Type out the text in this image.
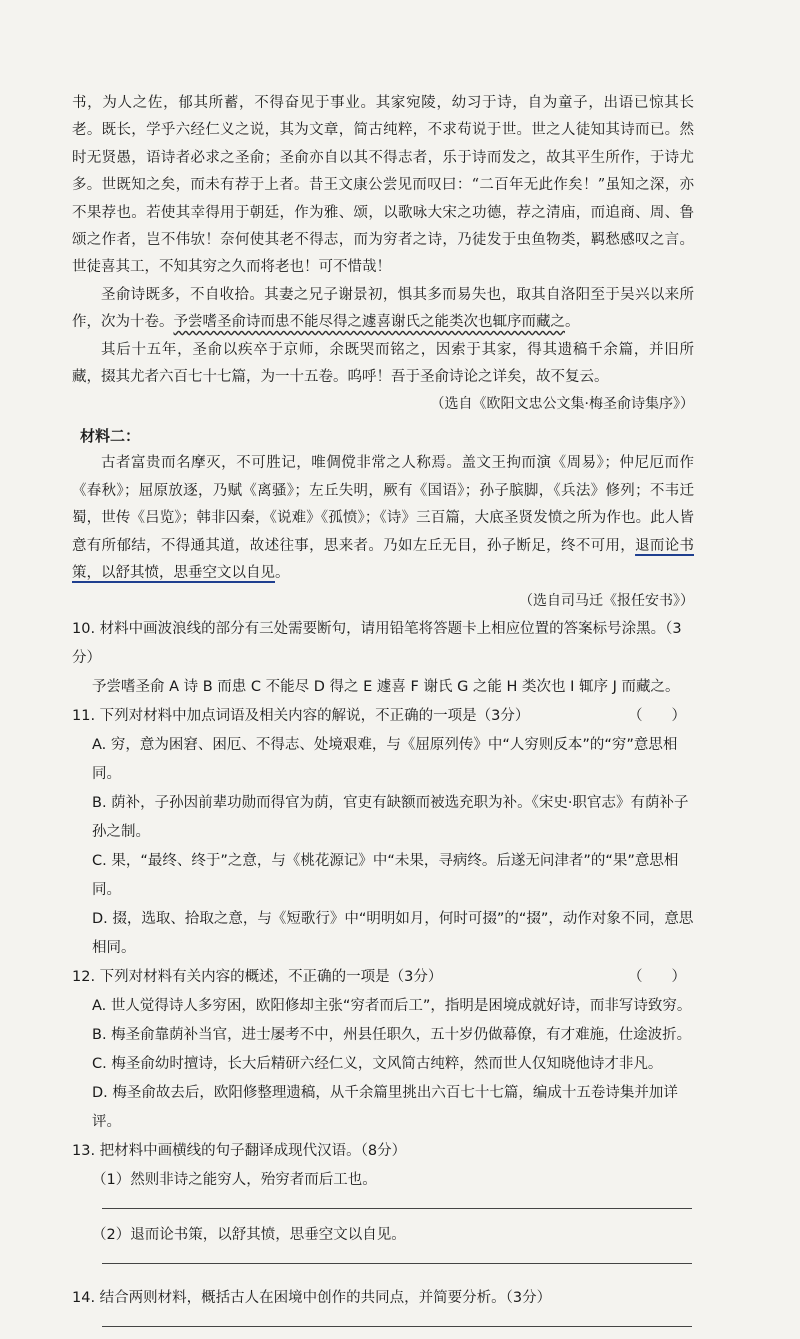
书，为人之佐，郁其所蓄，不得奋见于事业。其家宛陵，幼习于诗，自为童子，出语已惊其长老。既长，学乎六经仁义之说，其为文章，简古纯粹，不求苟说于世。世之人徒知其诗而已。然时无贤愚，语诗者必求之圣俞；圣俞亦自以其不得志者，乐于诗而发之，故其平生所作，于诗尤多。世既知之矣，而未有荐于上者。昔王文康公尝见而叹曰：“二百年无此作矣！”虽知之深，亦不果荐也。若使其幸得用于朝廷，作为雅、颂，以歌咏大宋之功德，荐之清庙，而追商、周、鲁颂之作者，岂不伟欤！奈何使其老不得志，而为穷者之诗，乃徒发于虫鱼物类，羁愁感叹之言。世徒喜其工，不知其穷之久而将老也！可不惜哉！

圣俞诗既多，不自收拾。其妻之兄子谢景初，惧其多而易失也，取其自洛阳至于吴兴以来所作，次为十卷。予尝嗜圣俞诗而患不能尽得之遽喜谢氏之能类次也辄序而藏之。

其后十五年，圣俞以疾卒于京师，余既哭而铭之，因索于其家，得其遗稿千余篇，并旧所藏，掇其尤者六百七十七篇，为一十五卷。呜呼！吾于圣俞诗论之详矣，故不复云。

（选自《欧阳文忠公文集·梅圣俞诗集序》）

材料二：

古者富贵而名摩灭，不可胜记，唯倜傥非常之人称焉。盖文王拘而演《周易》；仲尼厄而作《春秋》；屈原放逐，乃赋《离骚》；左丘失明，厥有《国语》；孙子膑脚，《兵法》修列；不韦迁蜀，世传《吕览》；韩非囚秦，《说难》《孤愤》；《诗》三百篇，大底圣贤发愤之所为作也。此人皆意有所郁结，不得通其道，故述往事，思来者。乃如左丘无目，孙子断足，终不可用，退而论书策，以舒其愤，思垂空文以自见。

（选自司马迁《报任安书》）

10. 材料中画波浪线的部分有三处需要断句，请用铅笔将答题卡上相应位置的答案标号涂黑。（3分）

予尝嗜圣俞 A 诗 B 而患 C 不能尽 D 得之 E 遽喜 F 谢氏 G 之能 H 类次也 I 辄序 J 而藏之。

（　　）
11. 下列对材料中加点词语及相关内容的解说，不正确的一项是（3分）

A. 穷，意为困窘、困厄、不得志、处境艰难，与《屈原列传》中“人穷则反本”的“穷”意思相同。

B. 荫补，子孙因前辈功勋而得官为荫，官吏有缺额而被选充职为补。《宋史·职官志》有荫补子孙之制。

C. 果，“最终、终于”之意，与《桃花源记》中“未果，寻病终。后遂无问津者”的“果”意思相同。

D. 掇，选取、拾取之意，与《短歌行》中“明明如月，何时可掇”的“掇”，动作对象不同，意思相同。

（　　）
12. 下列对材料有关内容的概述，不正确的一项是（3分）

A. 世人觉得诗人多穷困，欧阳修却主张“穷者而后工”，指明是困境成就好诗，而非写诗致穷。

B. 梅圣俞靠荫补当官，进士屡考不中，州县任职久，五十岁仍做幕僚，有才难施，仕途波折。

C. 梅圣俞幼时擅诗，长大后精研六经仁义，文风简古纯粹，然而世人仅知晓他诗才非凡。

D. 梅圣俞故去后，欧阳修整理遗稿，从千余篇里挑出六百七十七篇，编成十五卷诗集并加详评。

13. 把材料中画横线的句子翻译成现代汉语。（8分）

（1）然则非诗之能穷人，殆穷者而后工也。

（2）退而论书策，以舒其愤，思垂空文以自见。

14. 结合两则材料，概括古人在困境中创作的共同点，并简要分析。（3分）
